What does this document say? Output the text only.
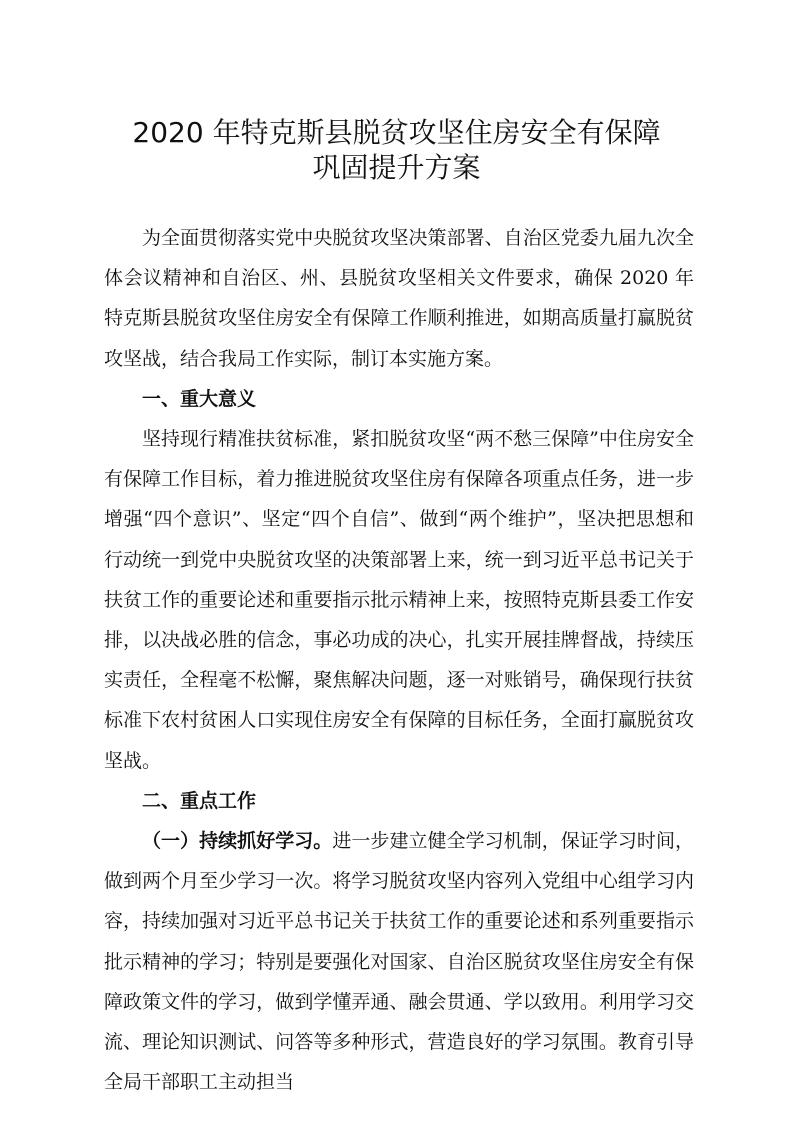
2020 年特克斯县脱贫攻坚住房安全有保障
巩固提升方案

为全面贯彻落实党中央脱贫攻坚决策部署、自治区党委九届九次全体会议精神和自治区、州、县脱贫攻坚相关文件要求，确保 2020 年特克斯县脱贫攻坚住房安全有保障工作顺利推进，如期高质量打赢脱贫攻坚战，结合我局工作实际，制订本实施方案。

一、重大意义

坚持现行精准扶贫标准，紧扣脱贫攻坚“两不愁三保障”中住房安全有保障工作目标，着力推进脱贫攻坚住房有保障各项重点任务，进一步增强“四个意识”、坚定“四个自信”、做到“两个维护”，坚决把思想和行动统一到党中央脱贫攻坚的决策部署上来，统一到习近平总书记关于扶贫工作的重要论述和重要指示批示精神上来，按照特克斯县委工作安排，以决战必胜的信念，事必功成的决心，扎实开展挂牌督战，持续压实责任，全程毫不松懈，聚焦解决问题，逐一对账销号，确保现行扶贫标准下农村贫困人口实现住房安全有保障的目标任务，全面打赢脱贫攻坚战。

二、重点工作

（一）持续抓好学习。进一步建立健全学习机制，保证学习时间，做到两个月至少学习一次。将学习脱贫攻坚内容列入党组中心组学习内容，持续加强对习近平总书记关于扶贫工作的重要论述和系列重要指示批示精神的学习；特别是要强化对国家、自治区脱贫攻坚住房安全有保障政策文件的学习，做到学懂弄通、融会贯通、学以致用。利用学习交流、理论知识测试、问答等多种形式，营造良好的学习氛围。教育引导全局干部职工主动担当
